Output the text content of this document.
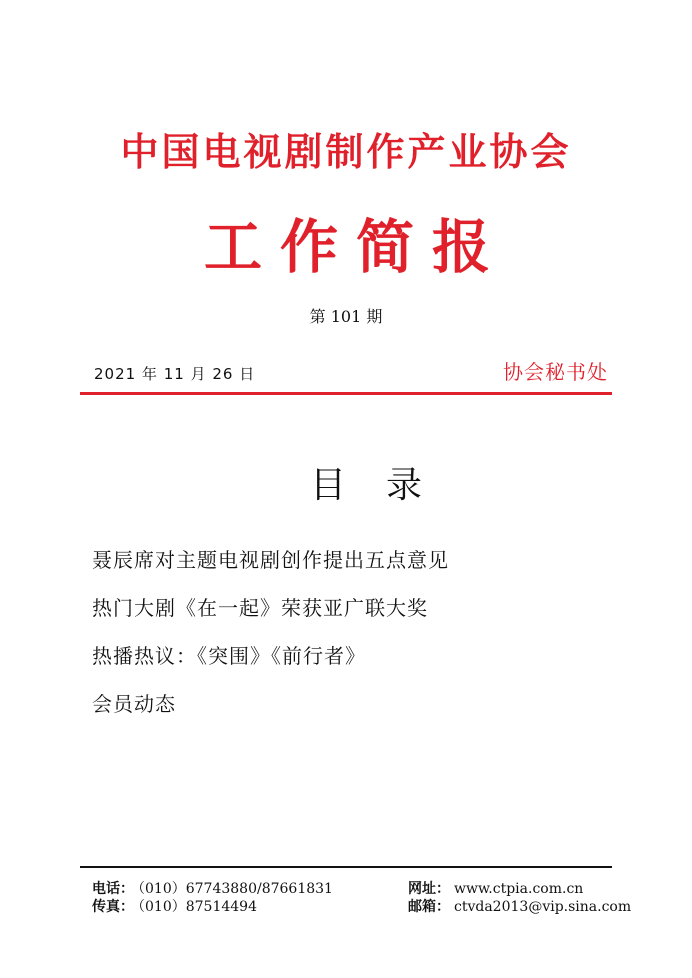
中国电视剧制作产业协会
工作简报
第 101 期
2021 年 11 月 26 日	协会秘书处
目录
聂辰席对主题电视剧创作提出五点意见
热门大剧《在一起》荣获亚广联大奖
热播热议：《突围》《前行者》
会员动态
电话： （010）67743880/87661831
传真： （010）87514494
网址： www.ctpia.com.cn
邮箱： ctvda2013@vip.sina.com
